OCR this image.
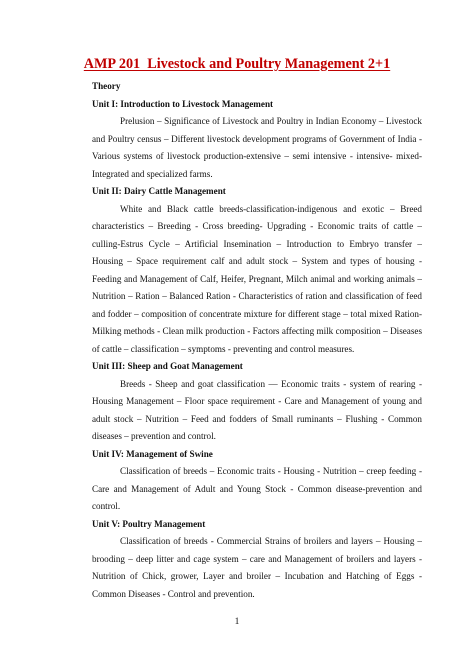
AMP 201  Livestock and Poultry Management 2+1

Theory

Unit I: Introduction to Livestock Management

Prelusion – Significance of Livestock and Poultry in Indian Economy – Livestock and Poultry census – Different livestock development programs of Government of India - Various systems of livestock production-extensive – semi intensive - intensive- mixed- Integrated and specialized farms.

Unit II: Dairy Cattle Management

White and Black cattle breeds-classification-indigenous and exotic – Breed characteristics – Breeding - Cross breeding- Upgrading - Economic traits of cattle – culling-Estrus Cycle – Artificial Insemination – Introduction to Embryo transfer – Housing – Space requirement calf and adult stock – System and types of housing - Feeding and Management of Calf, Heifer, Pregnant, Milch animal and working animals – Nutrition – Ration – Balanced Ration - Characteristics of ration and classification of feed and fodder – composition of concentrate mixture for different stage – total mixed Ration-Milking methods - Clean milk production - Factors affecting milk composition – Diseases of cattle – classification – symptoms - preventing and control measures.

Unit III: Sheep and Goat Management

Breeds - Sheep and goat classification — Economic traits - system of rearing - Housing Management – Floor space requirement - Care and Management of young and adult stock – Nutrition – Feed and fodders of Small ruminants – Flushing - Common diseases – prevention and control.

Unit IV: Management of Swine

Classification of breeds – Economic traits - Housing - Nutrition – creep feeding - Care and Management of Adult and Young Stock - Common disease-prevention and control.

Unit V: Poultry Management

Classification of breeds - Commercial Strains of broilers and layers – Housing – brooding – deep litter and cage system – care and Management of broilers and layers -Nutrition of Chick, grower, Layer and broiler – Incubation and Hatching of Eggs - Common Diseases - Control and prevention.

1
